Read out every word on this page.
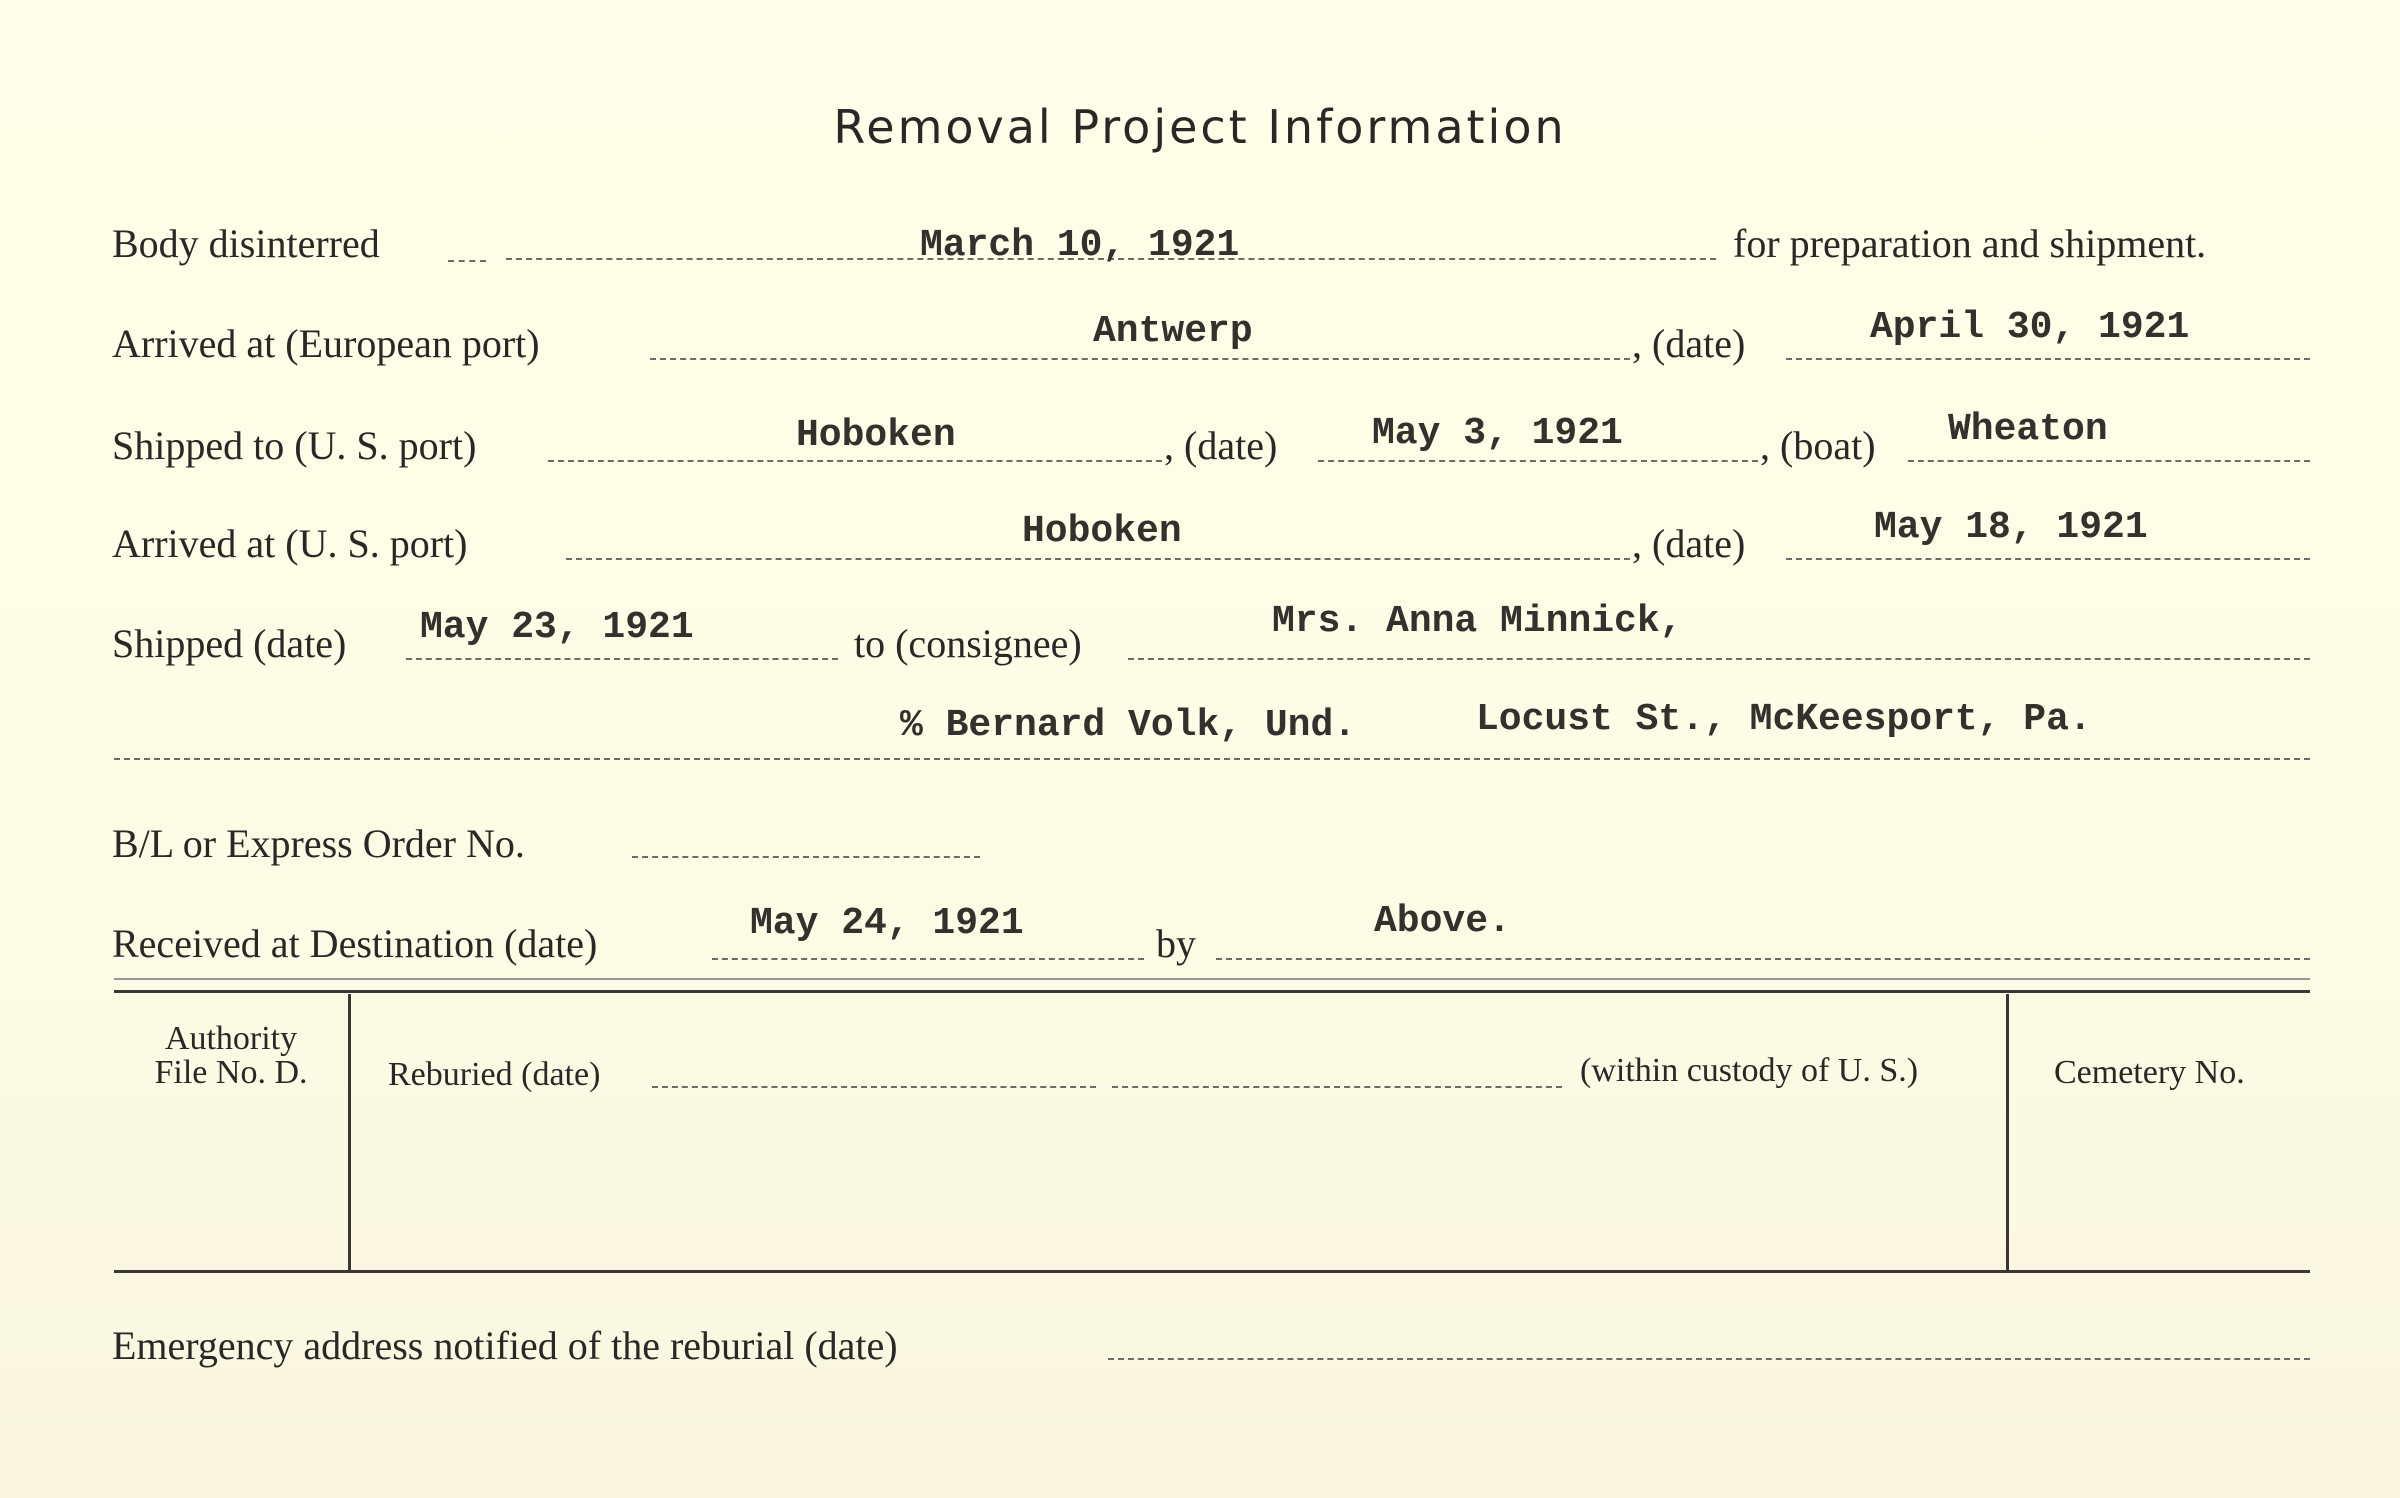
Removal Project Information
Body disinterred	March 10, 1921	for preparation and shipment.
Arrived at (European port)	Antwerp	, (date)	April 30, 1921
Shipped to (U. S. port)	Hoboken	, (date) May 3, 1921	, (boat) Wheaton
Arrived at (U. S. port)	Hoboken	, (date)	May 18, 1921
Shipped (date) May 23, 1921	to (consignee)	Mrs. Anna Minnick,
% Bernard Volk, Und.	Locust St., McKeesport, Pa.
B/L or Express Order No.
Received at Destination (date)	May 24, 1921	by	Above.
Authority
File No. D.	Reburied (date)	(within custody of U. S.)	Cemetery No.
Emergency address notified of the reburial (date)
